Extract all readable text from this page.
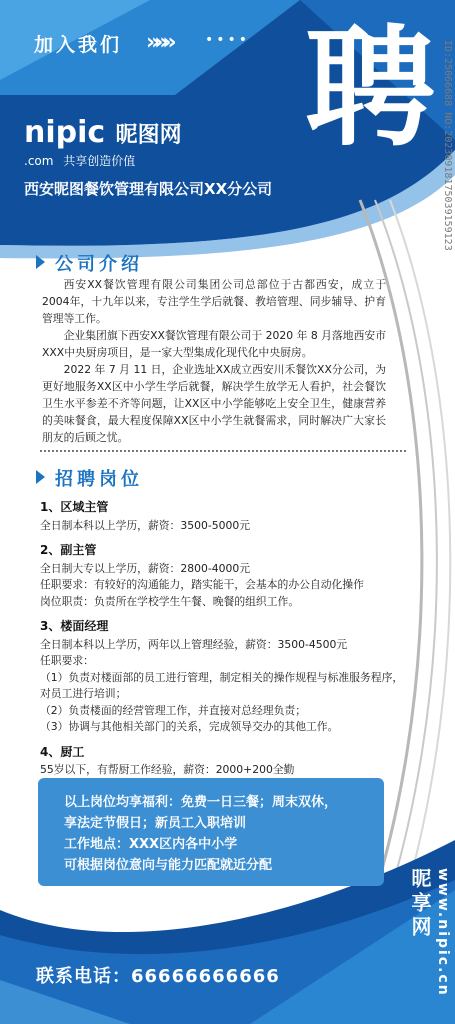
加入我们 »»» •••• 聘
nipic 昵图网
.com 共享创造价值
西安昵图餐饮管理有限公司XX分公司	ID:25066688 NO:20230918175039159123
公司介绍

西安XX餐饮管理有限公司集团公司总部位于古都西安，成立于2004年，十九年以来，专注学生学后就餐、教培管理、同步辅导、护育管理等工作。

企业集团旗下西安XX餐饮管理有限公司于 2020 年 8 月落地西安市XXX中央厨房项目，是一家大型集成化现代化中央厨房。

2022 年 7 月 11 日，企业选址XX成立西安川禾餐饮XX分公司，为更好地服务XX区中小学生学后就餐，解决学生放学无人看护，社会餐饮卫生水平参差不齐等问题，让XX区中小学能够吃上安全卫生，健康营养的美味餐食，最大程度保障XX区中小学生就餐需求，同时解决广大家长朋友的后顾之忧。

招聘岗位
1、区域主管
全日制本科以上学历，薪资：3500-5000元
2、副主管
全日制大专以上学历，薪资：2800-4000元
任职要求：有较好的沟通能力，踏实能干，会基本的办公自动化操作
岗位职责：负责所在学校学生午餐、晚餐的组织工作。
3、楼面经理
全日制本科以上学历，两年以上管理经验，薪资：3500-4500元
任职要求：
（1）负责对楼面部的员工进行管理，制定相关的操作规程与标准服务程序，
对员工进行培训；
（2）负责楼面的经营管理工作，并直接对总经理负责；
（3）协调与其他相关部门的关系，完成领导交办的其他工作。
4、厨工
55岁以下，有帮厨工作经验，薪资：2000+200全勤
以上岗位均享福利：免费一日三餐；周末双休，
享法定节假日；新员工入职培训
工作地点：XXX区内各中小学
可根据岗位意向与能力匹配就近分配
联系电话：66666666666	www.nipic.cn 昵享网
